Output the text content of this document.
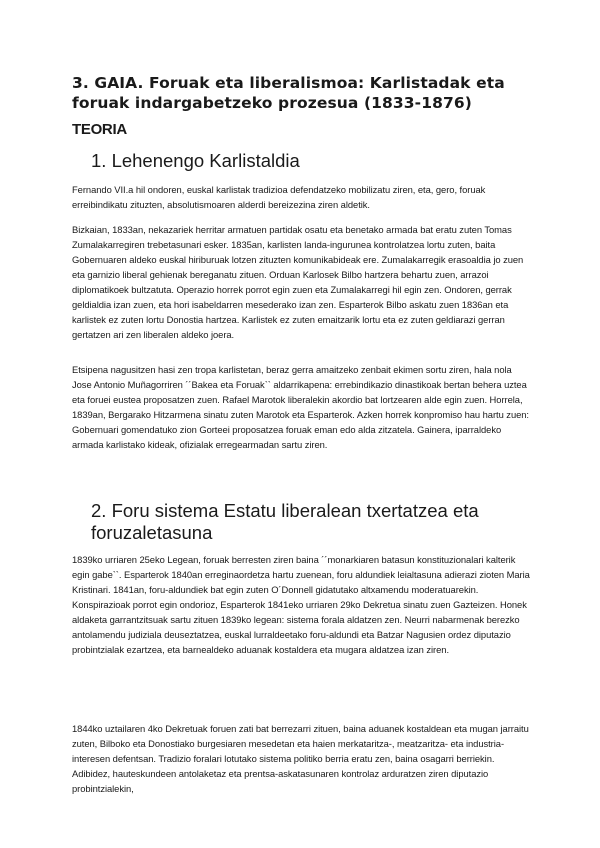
3. GAIA. Foruak eta liberalismoa: Karlistadak eta foruak indargabetzeko prozesua (1833-1876)
TEORIA
1. Lehenengo Karlistaldia

Fernando VII.a hil ondoren, euskal karlistak tradizioa defendatzeko mobilizatu ziren, eta, gero, foruak erreibindikatu zituzten, absolutismoaren alderdi bereizezina ziren aldetik.

Bizkaian, 1833an, nekazariek herritar armatuen partidak osatu eta benetako armada bat eratu zuten Tomas Zumalakarregiren trebetasunari esker. 1835an, karlisten landa-ingurunea kontrolatzea lortu zuten, baita Gobernuaren aldeko euskal hiriburuak lotzen zituzten komunikabideak ere. Zumalakarregik erasoaldia jo zuen eta garnizio liberal gehienak bereganatu zituen. Orduan Karlosek Bilbo hartzera behartu zuen, arrazoi diplomatikoek bultzatuta. Operazio horrek porrot egin zuen eta Zumalakarregi hil egin zen. Ondoren, gerrak geldialdia izan zuen, eta hori isabeldarren mesederako izan zen. Esparterok Bilbo askatu zuen 1836an eta karlistek ez zuten lortu Donostia hartzea. Karlistek ez zuten emaitzarik lortu eta ez zuten geldiarazi gerran gertatzen ari zen liberalen aldeko joera.

Etsipena nagusitzen hasi zen tropa karlistetan, beraz gerra amaitzeko zenbait ekimen sortu ziren, hala nola Jose Antonio Muñagorriren ´´Bakea eta Foruak`` aldarrikapena: errebindikazio dinastikoak bertan behera uztea eta foruei eustea proposatzen zuen. Rafael Marotok liberalekin akordio bat lortzearen alde egin zuen. Horrela, 1839an, Bergarako Hitzarmena sinatu zuten Marotok eta Esparterok. Azken horrek konpromiso hau hartu zuen: Gobernuari gomendatuko zion Gorteei proposatzea foruak eman edo alda zitzatela. Gainera, iparraldeko armada karlistako kideak, ofizialak erregearmadan sartu ziren.

2. Foru sistema Estatu liberalean txertatzea eta foruzaletasuna

1839ko urriaren 25eko Legean, foruak berresten ziren baina ´´monarkiaren batasun konstituzionalari kalterik egin gabe``. Esparterok 1840an erreginaordetza hartu zuenean, foru aldundiek leialtasuna adierazi zioten Maria Kristinari. 1841an, foru-aldundiek bat egin zuten O´Donnell gidatutako altxamendu moderatuarekin. Konspirazioak porrot egin ondorioz, Esparterok 1841eko urriaren 29ko Dekretua sinatu zuen Gazteizen. Honek aldaketa garrantzitsuak sartu zituen 1839ko legean: sistema forala aldatzen zen. Neurri nabarmenak berezko antolamendu judiziala deuseztatzea, euskal lurraldeetako foru-aldundi eta Batzar Nagusien ordez diputazio probintzialak ezartzea, eta barnealdeko aduanak kostaldera eta mugara aldatzea izan ziren.

1844ko uztailaren 4ko Dekretuak foruen zati bat berrezarri zituen, baina aduanek kostaldean eta mugan jarraitu zuten, Bilboko eta Donostiako burgesiaren mesedetan eta haien merkataritza-, meatzaritza- eta industria- interesen defentsan. Tradizio foralari lotutako sistema politiko berria eratu zen, baina osagarri berriekin. Adibidez, hauteskundeen antolaketaz eta prentsa-askatasunaren kontrolaz arduratzen ziren diputazio probintzialekin,
